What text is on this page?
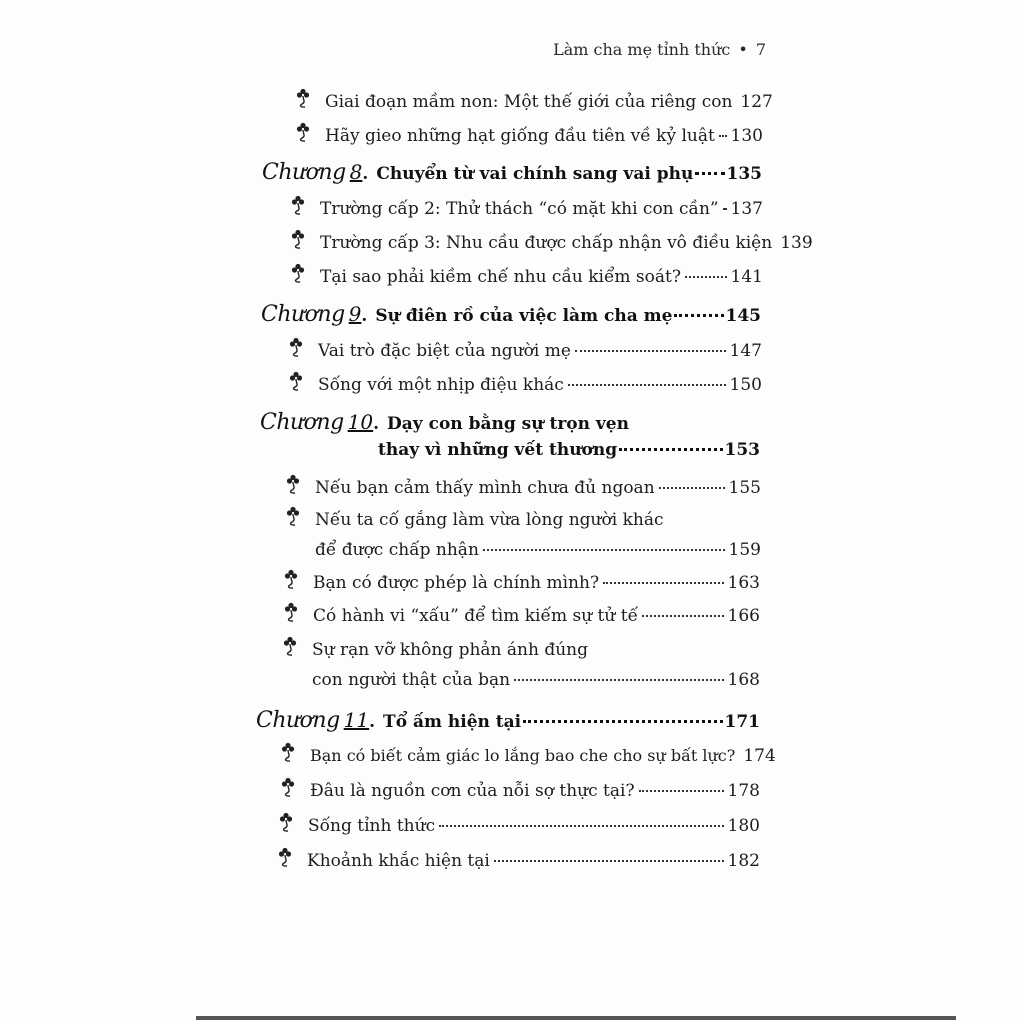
Làm cha mẹ tỉnh thức • 7
Giai đoạn mầm non: Một thế giới của riêng con 127
Hãy gieo những hạt giống đầu tiên về kỷ luật 130
Chương 8 . Chuyển từ vai chính sang vai phụ 135
Trường cấp 2: Thử thách “có mặt khi con cần” 137
Trường cấp 3: Nhu cầu được chấp nhận vô điều kiện 139
Tại sao phải kiềm chế nhu cầu kiểm soát?	141
Chương 9 . Sự điên rồ của việc làm cha mẹ	145
Vai trò đặc biệt của người mẹ	147
Sống với một nhịp điệu khác	150
Chương 10 . Dạy con bằng sự trọn vẹn
thay vì những vết thương	153
Nếu bạn cảm thấy mình chưa đủ ngoan	155
Nếu ta cố gắng làm vừa lòng người khác
để được chấp nhận	159
Bạn có được phép là chính mình?	163
Có hành vi “xấu” để tìm kiếm sự tử tế	166
Sự rạn vỡ không phản ánh đúng
con người thật của bạn	168
Chương 11 . Tổ ấm hiện tại	171
Bạn có biết cảm giác lo lắng bao che cho sự bất lực? 174
Đâu là nguồn cơn của nỗi sợ thực tại?	178
Sống tỉnh thức	180
Khoảnh khắc hiện tại	182
